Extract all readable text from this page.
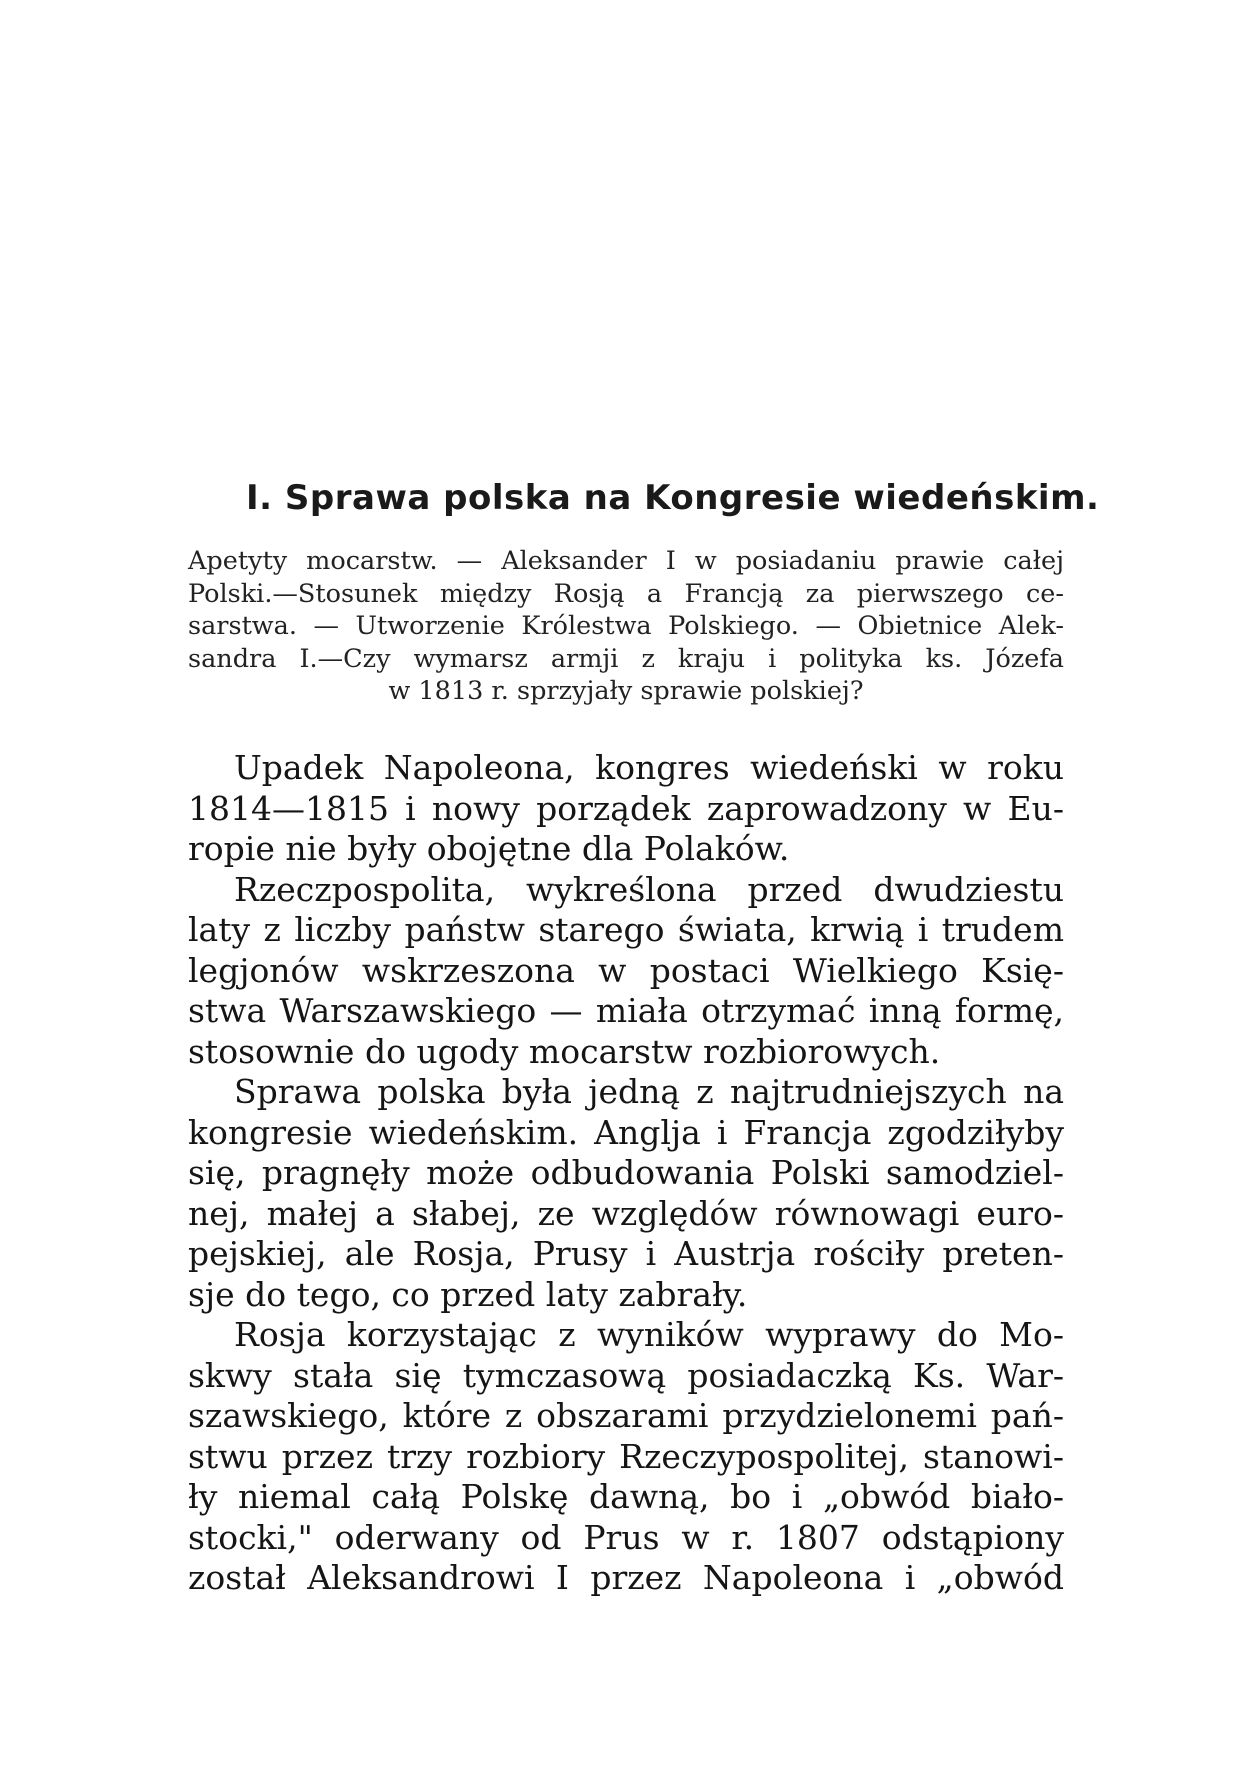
I. Sprawa polska na Kongresie wiedeńskim.
Apetyty mocarstw. — Aleksander I w posiadaniu prawie całej
Polski.—Stosunek między Rosją a Francją za pierwszego ce-
sarstwa. — Utworzenie Królestwa Polskiego. — Obietnice Alek-
sandra I.—Czy wymarsz armji z kraju i polityka ks. Józefa
w 1813 r. sprzyjały sprawie polskiej?
Upadek Napoleona, kongres wiedeński w roku
1814—1815 i nowy porządek zaprowadzony w Eu-
ropie nie były obojętne dla Polaków.
Rzeczpospolita, wykreślona przed dwudziestu
laty z liczby państw starego świata, krwią i trudem
legjonów wskrzeszona w postaci Wielkiego Księ-
stwa Warszawskiego — miała otrzymać inną formę,
stosownie do ugody mocarstw rozbiorowych.
Sprawa polska była jedną z najtrudniejszych na
kongresie wiedeńskim. Anglja i Francja zgodziłyby
się, pragnęły może odbudowania Polski samodziel-
nej, małej a słabej, ze względów równowagi euro-
pejskiej, ale Rosja, Prusy i Austrja rościły preten-
sje do tego, co przed laty zabrały.
Rosja korzystając z wyników wyprawy do Mo-
skwy stała się tymczasową posiadaczką Ks. War-
szawskiego, które z obszarami przydzielonemi pań-
stwu przez trzy rozbiory Rzeczypospolitej, stanowi-
ły niemal całą Polskę dawną, bo i „obwód biało-
stocki," oderwany od Prus w r. 1807 odstąpiony
został Aleksandrowi I przez Napoleona i „obwód
